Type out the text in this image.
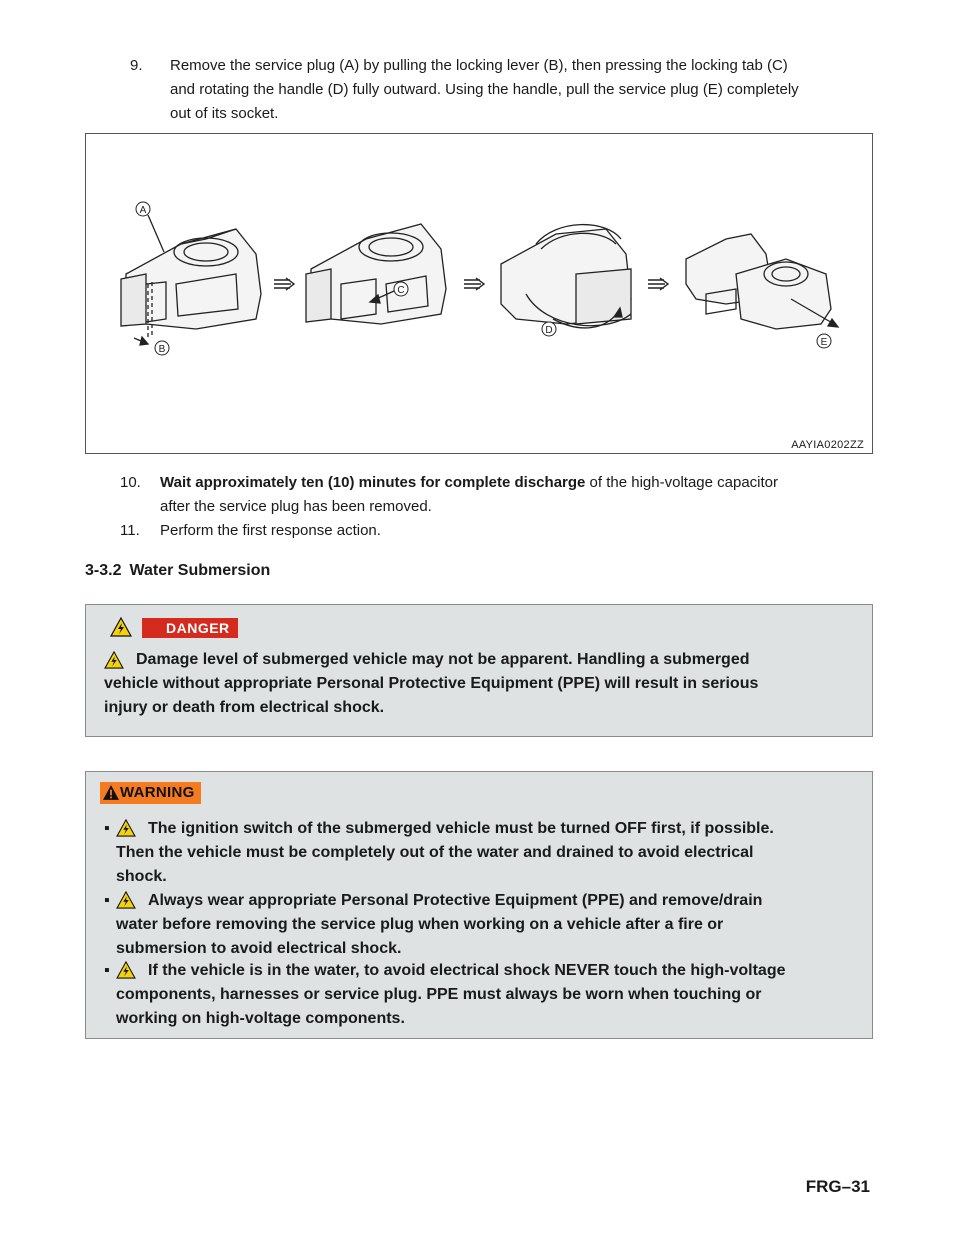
9. Remove the service plug (A) by pulling the locking lever (B), then pressing the locking tab (C)
and rotating the handle (D) fully outward. Using the handle, pull the service plug (E) completely
out of its socket.
A
B
C
D
E
AAYIA0202ZZ
10. Wait approximately ten (10) minutes for complete discharge of the high-voltage capacitor
after the service plug has been removed.
11. Perform the first response action.
3-3.2 Water Submersion
DANGER
Damage level of submerged vehicle may not be apparent. Handling a submerged
vehicle without appropriate Personal Protective Equipment (PPE) will result in serious
injury or death from electrical shock.
WARNING
▪ The ignition switch of the submerged vehicle must be turned OFF first, if possible.
Then the vehicle must be completely out of the water and drained to avoid electrical
shock.
▪ Always wear appropriate Personal Protective Equipment (PPE) and remove/drain
water before removing the service plug when working on a vehicle after a fire or
submersion to avoid electrical shock.
▪ If the vehicle is in the water, to avoid electrical shock NEVER touch the high-voltage
components, harnesses or service plug. PPE must always be worn when touching or
working on high-voltage components.
FRG–31
